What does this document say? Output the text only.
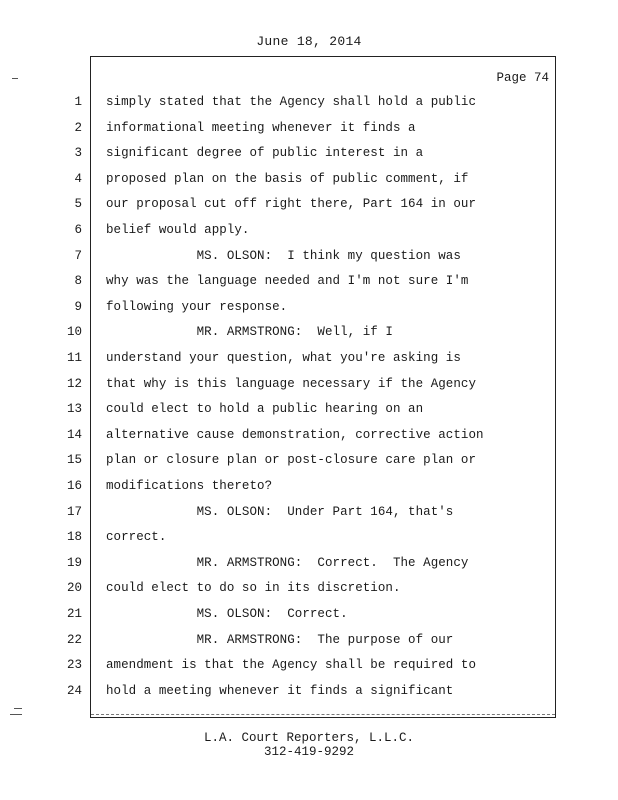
June 18, 2014
Page 74
1 simply stated that the Agency shall hold a public
2 informational meeting whenever it finds a
3 significant degree of public interest in a
4 proposed plan on the basis of public comment, if
5 our proposal cut off right there, Part 164 in our
6 belief would apply.
7 MS. OLSON:  I think my question was
8 why was the language needed and I'm not sure I'm
9 following your response.
10 MR. ARMSTRONG:  Well, if I
11 understand your question, what you're asking is
12 that why is this language necessary if the Agency
13 could elect to hold a public hearing on an
14 alternative cause demonstration, corrective action
15 plan or closure plan or post-closure care plan or
16 modifications thereto?
17 MS. OLSON:  Under Part 164, that's
18 correct.
19 MR. ARMSTRONG:  Correct.  The Agency
20 could elect to do so in its discretion.
21 MS. OLSON:  Correct.
22 MR. ARMSTRONG:  The purpose of our
23 amendment is that the Agency shall be required to
24 hold a meeting whenever it finds a significant
L.A. Court Reporters, L.L.C.
312-419-9292
